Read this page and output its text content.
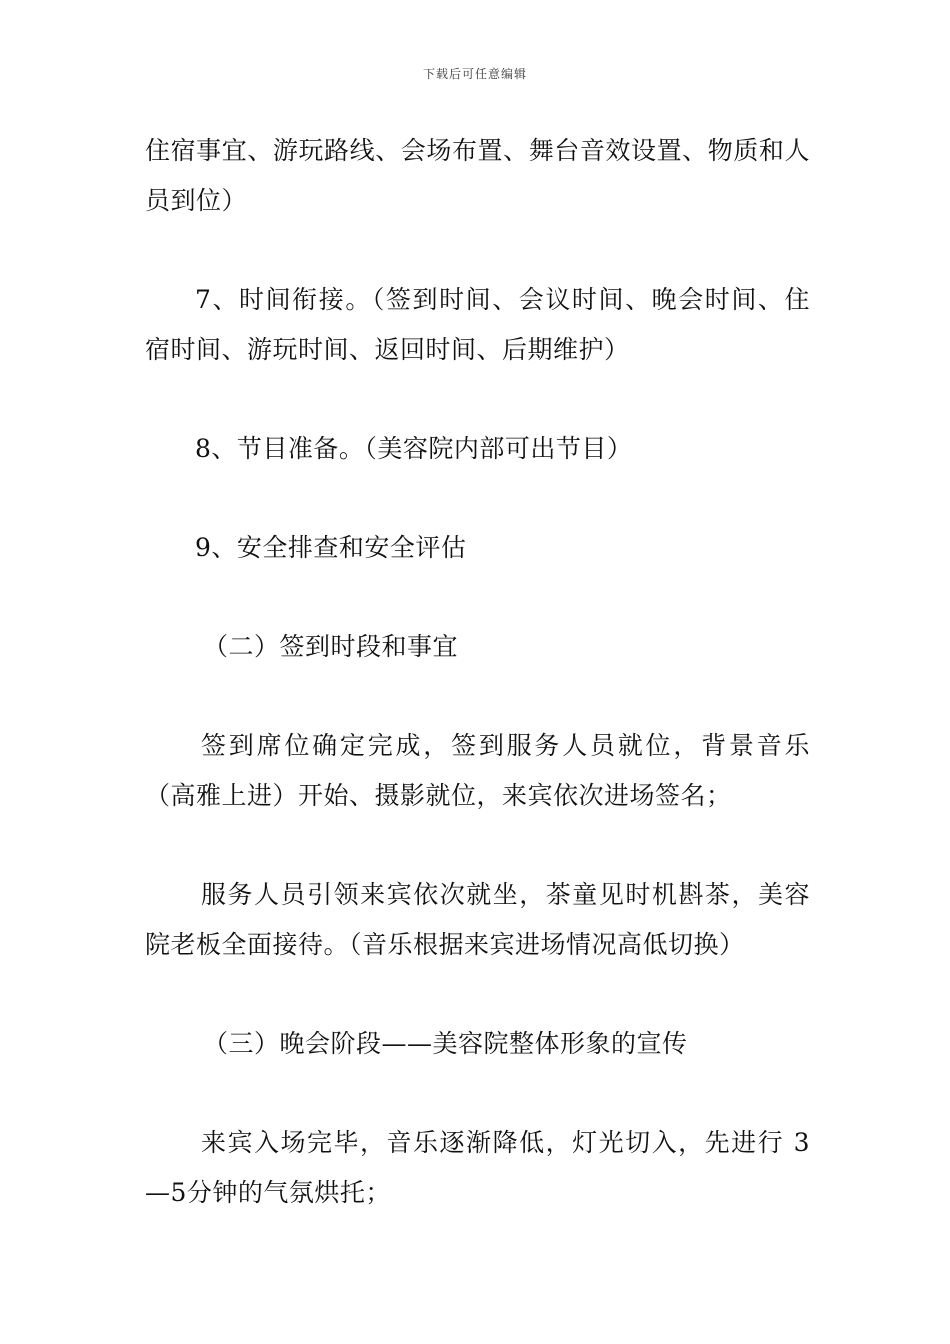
下载后可任意编辑

住宿事宜、游玩路线、会场布置、舞台音效设置、物质和人员到位）

7、时间衔接。（签到时间、会议时间、晚会时间、住宿时间、游玩时间、返回时间、后期维护）

8、节目准备。（美容院内部可出节目）

9、安全排查和安全评估

（二）签到时段和事宜

签到席位确定完成，签到服务人员就位，背景音乐（高雅上进）开始、摄影就位，来宾依次进场签名；

服务人员引领来宾依次就坐，茶童见时机斟茶，美容院老板全面接待。（音乐根据来宾进场情况高低切换）

（三）晚会阶段——美容院整体形象的宣传

来宾入场完毕，音乐逐渐降低，灯光切入，先进行 3—5分钟的气氛烘托；
